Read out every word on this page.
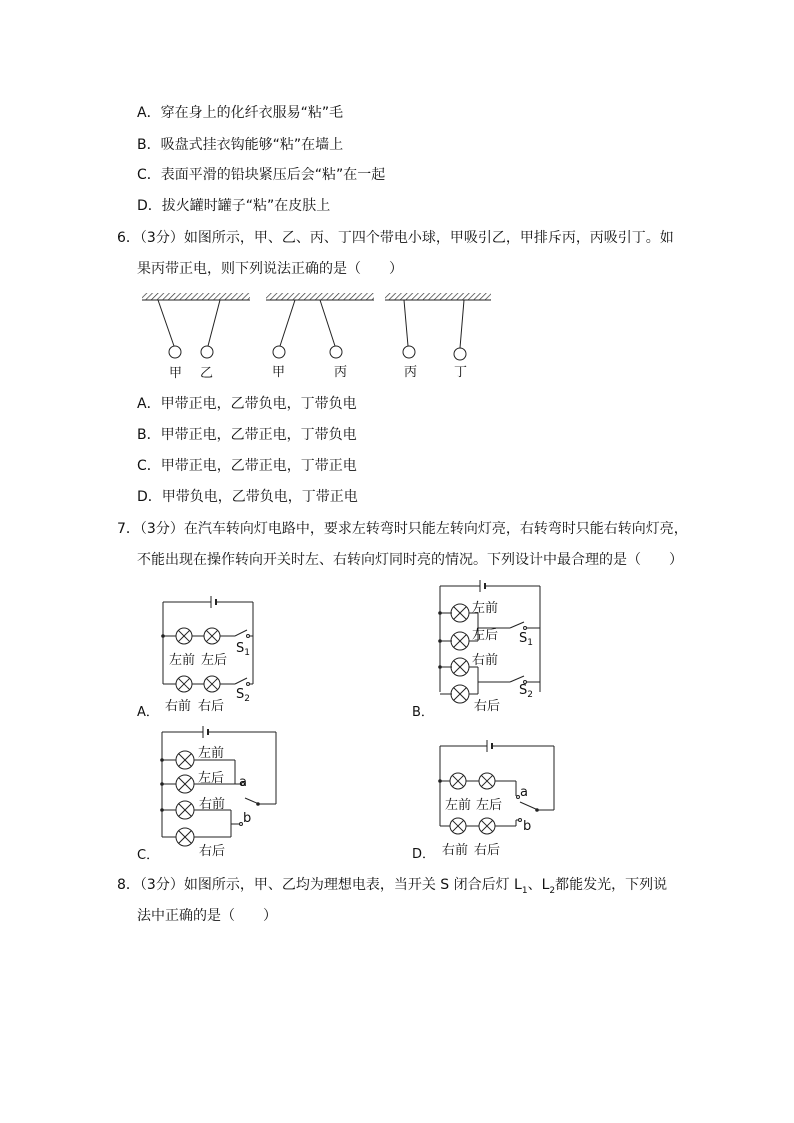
A．穿在身上的化纤衣服易“粘”毛
B．吸盘式挂衣钩能够“粘”在墙上
C．表面平滑的铅块紧压后会“粘”在一起
D．拔火罐时罐子“粘”在皮肤上
6．（3分）如图所示，甲、乙、丙、丁四个带电小球，甲吸引乙，甲排斥丙，丙吸引丁。如
果丙带正电，则下列说法正确的是（　　）
甲 乙	甲	丙	丙	丁
A．甲带正电，乙带负电，丁带负电
B．甲带正电，乙带正电，丁带负电
C．甲带正电，乙带正电，丁带正电
D．甲带负电，乙带负电，丁带正电
7．（3分）在汽车转向灯电路中，要求左转弯时只能左转向灯亮，右转弯时只能右转向灯亮，
不能出现在操作转向开关时左、右转向灯同时亮的情况。下列设计中最合理的是（　　）
$S_1$
$S_2$
左前 左后
右前 右后
A．
左前
左后
右前
右后
$S_1$
$S_2$
B．
左前
左后
右前
右后
a
b
C．
左前 左后
右前 右后
a
b
D．
8．（3分）如图所示，甲、乙均为理想电表，当开关 S 闭合后灯 $L_1$、$L_2$都能发光，下列说
法中正确的是（　　）
